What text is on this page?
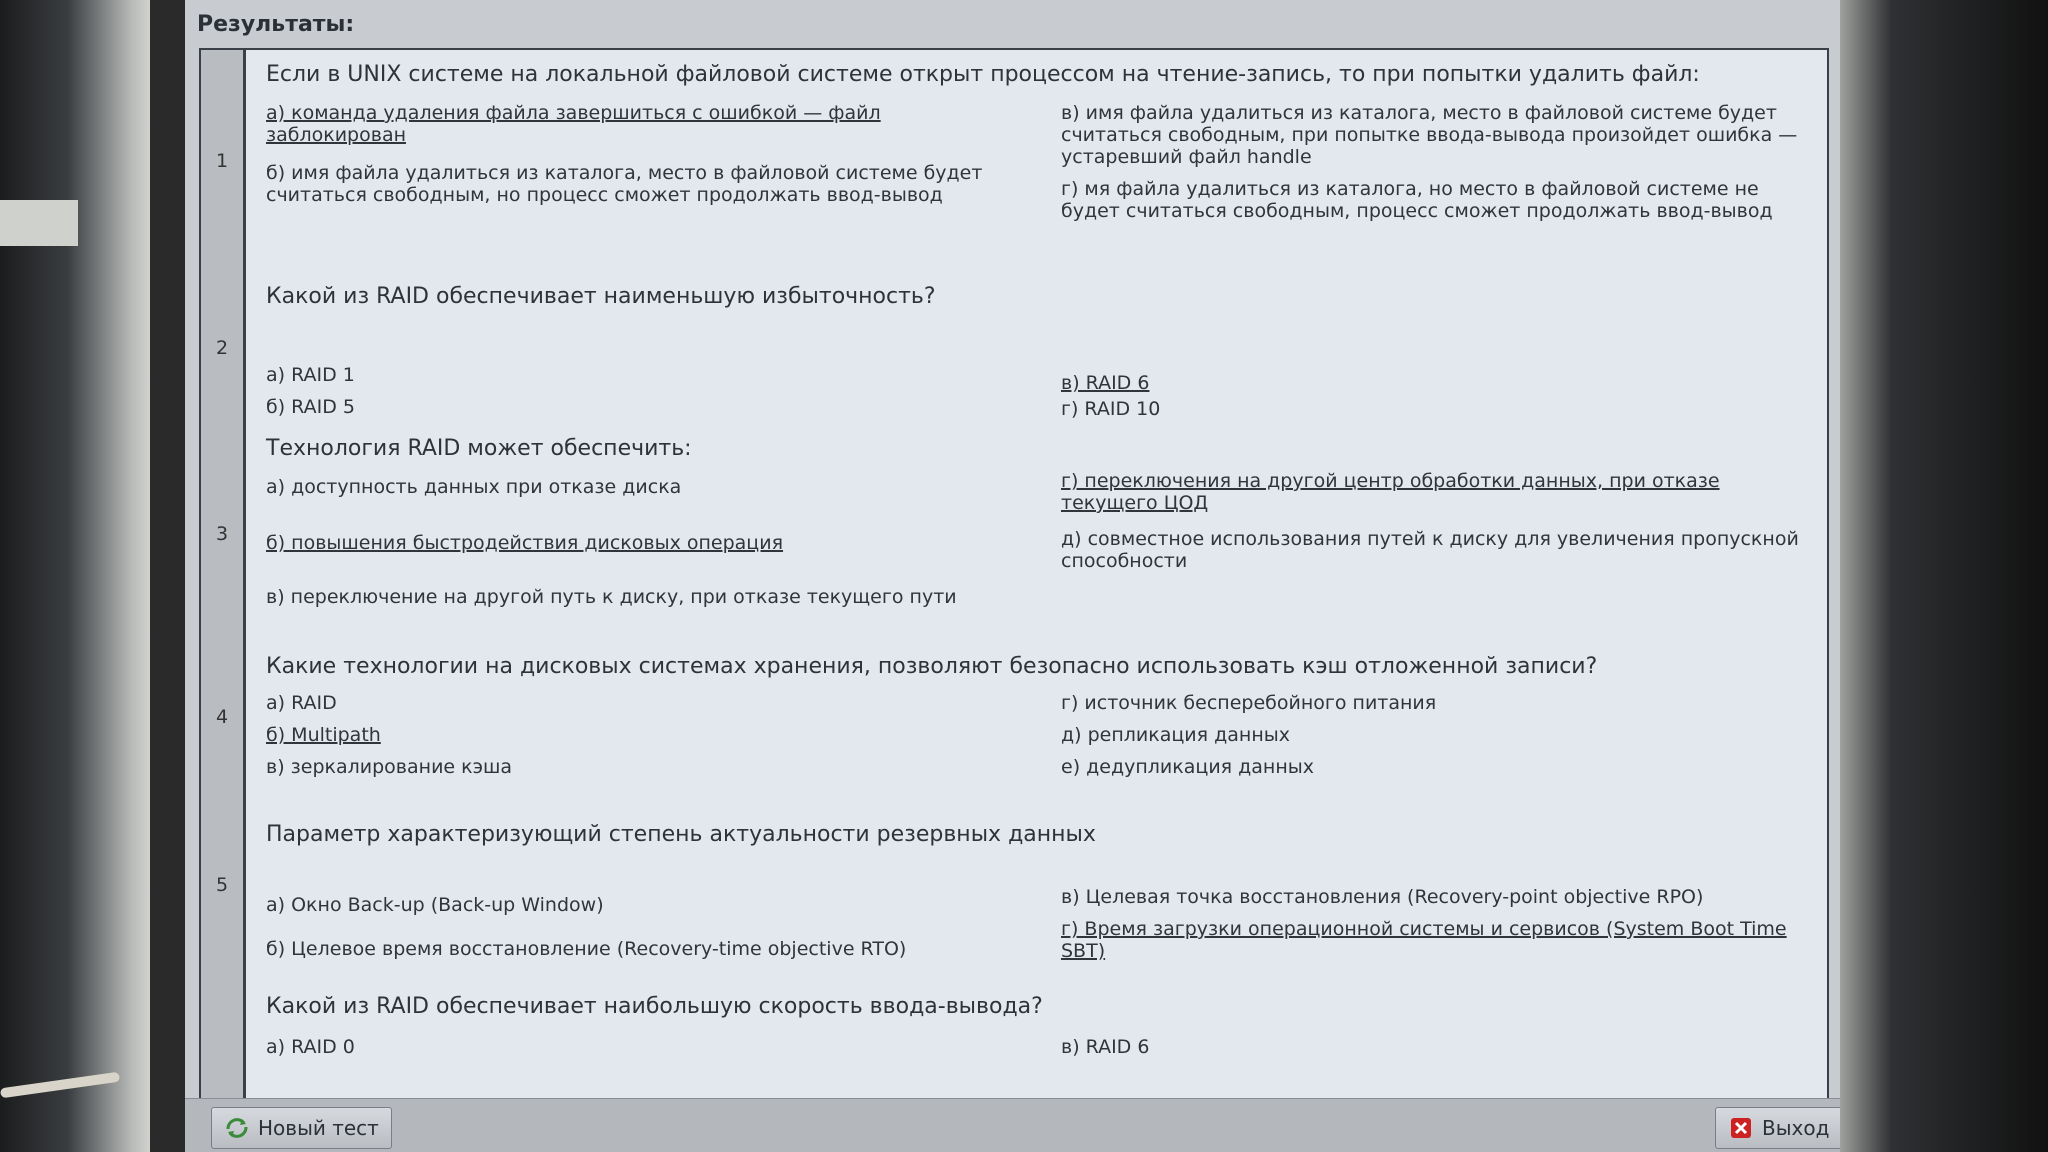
Результаты:
1
Если в UNIX системе на локальной файловой системе открыт процессом на чтение-запись, то при попытки удалить файл:
а) команда удаления файла завершиться с ошибкой — файл заблокирован
б) имя файла удалиться из каталога, место в файловой системе будет считаться свободным, но процесс сможет продолжать ввод-вывод
в) имя файла удалиться из каталога, место в файловой системе будет считаться свободным, при попытке ввода-вывода произойдет ошибка — устаревший файл handle
г) мя файла удалиться из каталога, но место в файловой системе не будет считаться свободным, процесс сможет продолжать ввод-вывод
2
Какой из RAID обеспечивает наименьшую избыточность?
а) RAID 1
б) RAID 5
в) RAID 6
г) RAID 10
3
Технология RAID может обеспечить:
а) доступность данных при отказе диска
б) повышения быстродействия дисковых операция
в) переключение на другой путь к диску, при отказе текущего пути
г) переключения на другой центр обработки данных, при отказе текущего ЦОД
д) совместное использования путей к диску для увеличения пропускной способности
4
Какие технологии на дисковых системах хранения, позволяют безопасно использовать кэш отложенной записи?
а) RAID
б) Multipath
в) зеркалирование кэша
г) источник бесперебойного питания
д) репликация данных
е) дедупликация данных
5
Параметр характеризующий степень актуальности резервных данных
а) Окно Back-up (Back-up Window)
б) Целевое время восстановление (Recovery-time objective RTO)
в) Целевая точка восстановления (Recovery-point objective RPO)
г) Время загрузки операционной системы и сервисов (System Boot Time SBT)
Какой из RAID обеспечивает наибольшую скорость ввода-вывода?
а) RAID 0	в) RAID 6
Новый тест	Выход
